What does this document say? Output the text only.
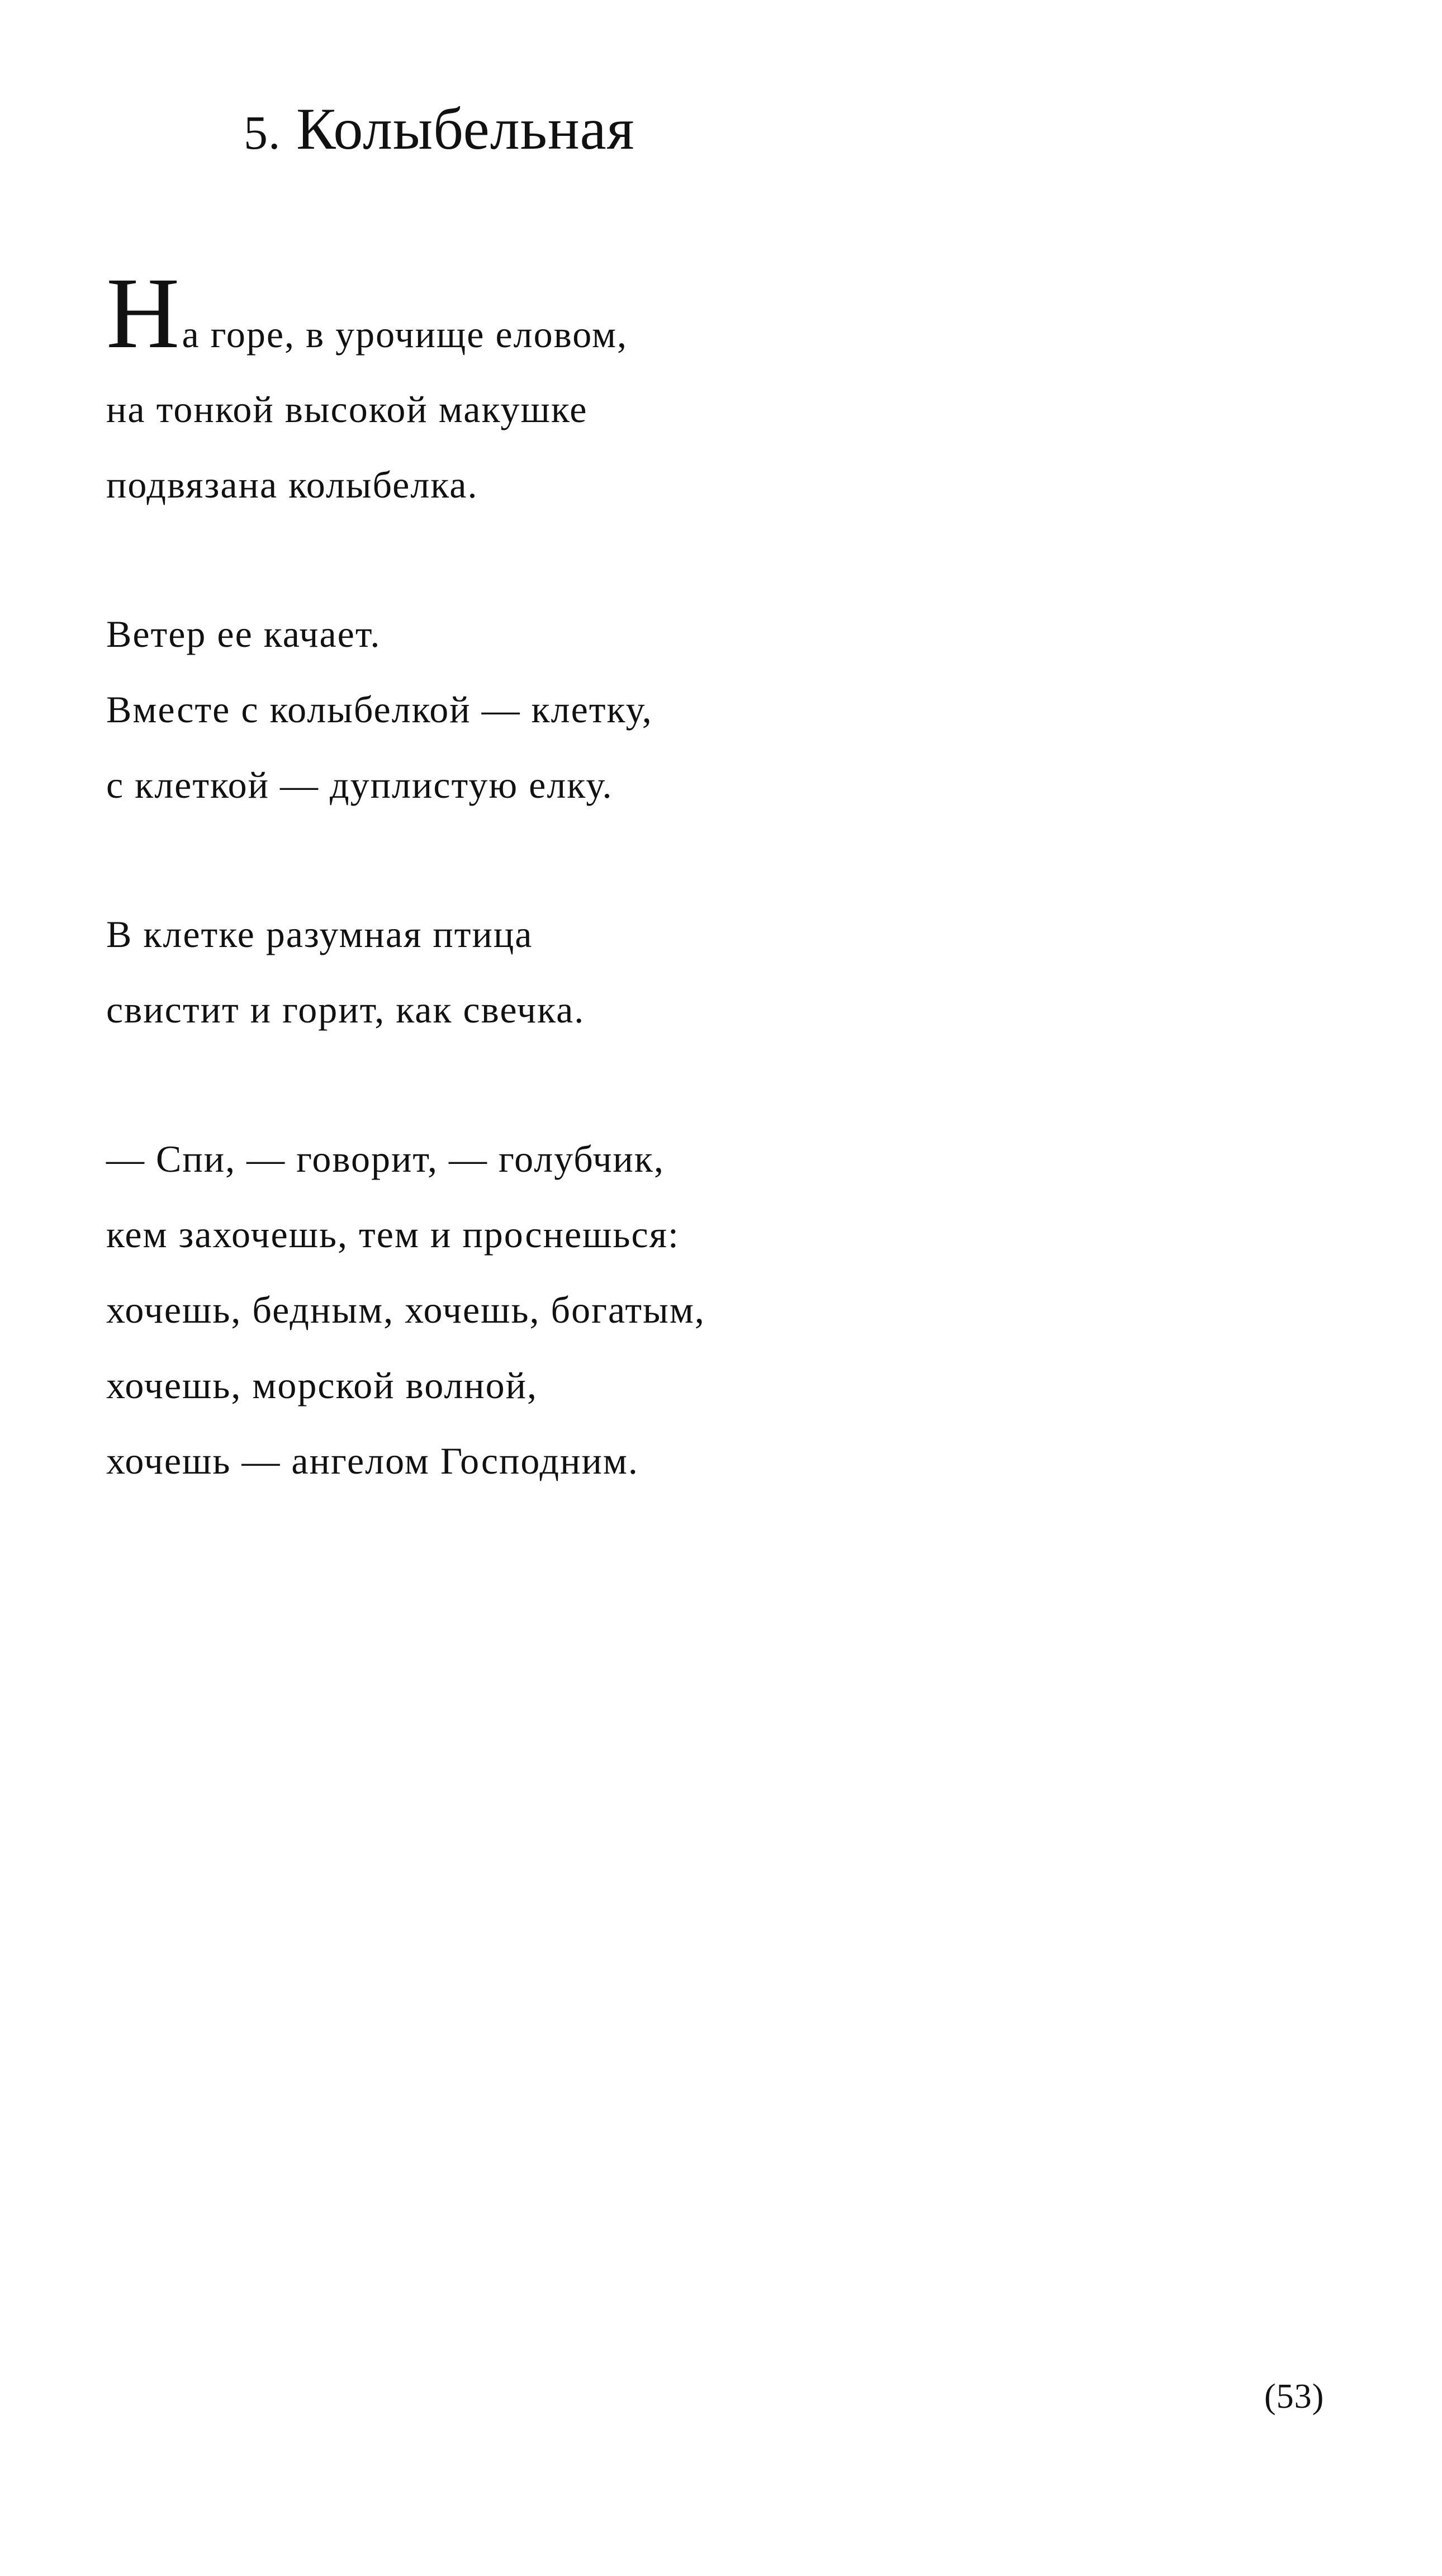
5. Колыбельная
На горе, в урочище еловом,
на тонкой высокой макушке
подвязана колыбелка.
Ветер ее качает.
Вместе с колыбелкой — клетку,
с клеткой — дуплистую елку.
В клетке разумная птица
свистит и горит, как свечка.
— Спи, — говорит, — голубчик,
кем захочешь, тем и проснешься:
хочешь, бедным, хочешь, богатым,
хочешь, морской волной,
хочешь — ангелом Господним.
(53)
